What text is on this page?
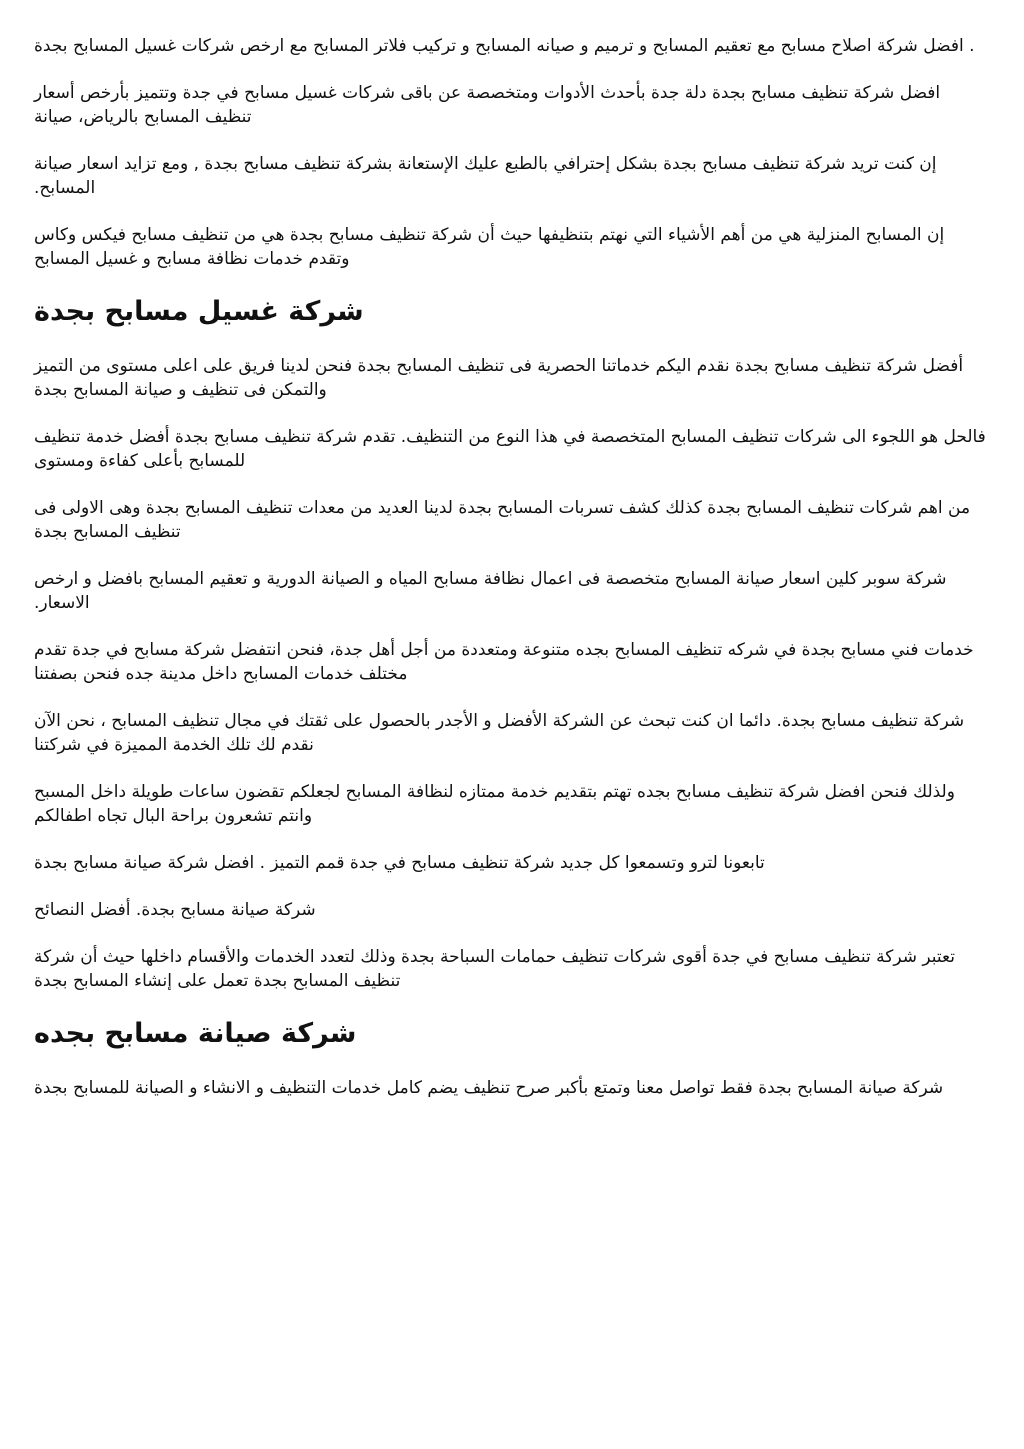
. افضل شركة اصلاح مسابح مع تعقيم المسابح و ترميم و صيانه المسابح و تركيب فلاتر المسابح مع ارخص شركات غسيل المسابح بجدة

افضل شركة تنظيف مسابح بجدة دلة جدة بأحدث الأدوات ومتخصصة عن باقى شركات غسيل مسابح في جدة وتتميز بأرخص أسعار تنظيف المسابح بالرياض، صيانة

إن كنت تريد شركة تنظيف مسابح بجدة بشكل إحترافي بالطبع عليك الإستعانة بشركة تنظيف مسابح بجدة , ومع تزايد اسعار صيانة المسابح.

إن المسابح المنزلية هي من أهم الأشياء التي نهتم بتنظيفها حيث أن شركة تنظيف مسابح بجدة هي من تنظيف مسابح فيكس وكاس وتقدم خدمات نظافة مسابح و غسيل المسابح

شركة غسيل مسابح بجدة

أفضل شركة تنظيف مسابح بجدة نقدم اليكم خدماتنا الحصرية فى تنظيف المسابح بجدة فنحن لدينا فريق على اعلى مستوى من التميز والتمكن فى تنظيف و صيانة المسابح بجدة

فالحل هو اللجوء الى شركات تنظيف المسابح المتخصصة في هذا النوع من التنظيف. تقدم شركة تنظيف مسابح بجدة أفضل خدمة تنظيف للمسابح بأعلى كفاءة ومستوى

من اهم شركات تنظيف المسابح بجدة كذلك كشف تسربات المسابح بجدة لدينا العديد من معدات تنظيف المسابح بجدة وهى الاولى فى تنظيف المسابح بجدة

شركة سوبر كلين اسعار صيانة المسابح متخصصة فى اعمال نظافة مسابح المياه و الصيانة الدورية و تعقيم المسابح بافضل و ارخص الاسعار.

خدمات فني مسابح بجدة في شركه تنظيف المسابح بجده متنوعة ومتعددة من أجل أهل جدة، فنحن انتفضل شركة مسابح في جدة تقدم مختلف خدمات المسابح داخل مدينة جده فنحن بصفتنا

شركة تنظيف مسابح بجدة. دائما ان كنت تبحث عن الشركة الأفضل و الأجدر بالحصول على ثقتك في مجال تنظيف المسابح ، نحن الآن نقدم لك تلك الخدمة المميزة في شركتنا

ولذلك فنحن افضل شركة تنظيف مسابح بجده تهتم بتقديم خدمة ممتازه لنظافة المسابح لجعلكم تقضون ساعات طويلة داخل المسبح وانتم تشعرون براحة البال تجاه اطفالكم

تابعونا لترو وتسمعوا كل جديد شركة تنظيف مسابح في جدة قمم التميز . افضل شركة صيانة مسابح بجدة

شركة صيانة مسابح بجدة. أفضل النصائح

تعتبر شركة تنظيف مسابح في جدة أقوى شركات تنظيف حمامات السباحة بجدة وذلك لتعدد الخدمات والأقسام داخلها حيث أن شركة تنظيف المسابح بجدة تعمل على إنشاء المسابح بجدة

شركة صيانة مسابح بجده

شركة صيانة المسابح بجدة فقط تواصل معنا وتمتع بأكبر صرح تنظيف يضم كامل خدمات التنظيف و الانشاء و الصيانة للمسابح بجدة
